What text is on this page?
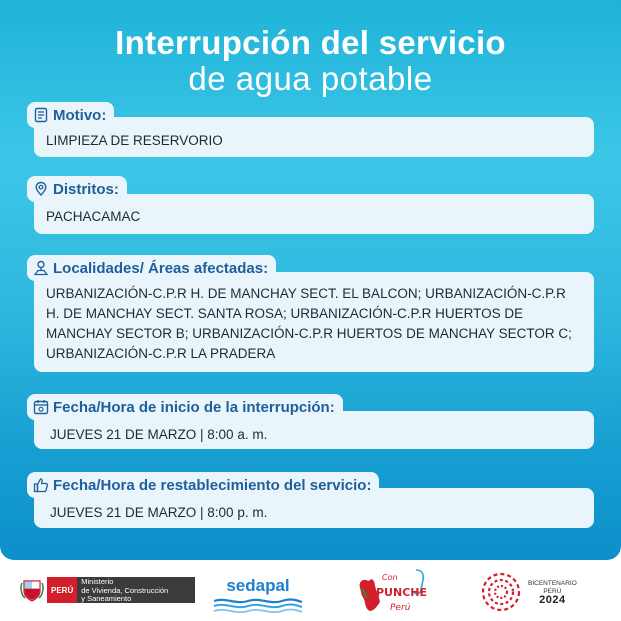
Interrupción del servicio
de agua potable
LIMPIEZA DE RESERVORIO
Motivo:
PACHACAMAC
Distritos:
URBANIZACIÓN-C.P.R H. DE MANCHAY SECT. EL BALCON; URBANIZACIÓN-C.P.R
H. DE MANCHAY SECT. SANTA ROSA; URBANIZACIÓN-C.P.R HUERTOS DE
MANCHAY SECTOR B; URBANIZACIÓN-C.P.R HUERTOS DE MANCHAY SECTOR C;
URBANIZACIÓN-C.P.R LA PRADERA
Localidades/ Áreas afectadas:
JUEVES 21 DE MARZO | 8:00 a. m.
Fecha/Hora de inicio de la interrupción:
JUEVES 21 DE MARZO | 8:00 p. m.
Fecha/Hora de restablecimiento del servicio:
PERÚ
Ministerio
de Vivienda, Construcción
y Saneamiento
sedapal	Con
PUNCHE
Perú
BICENTENARIO
PERÚ
2024
